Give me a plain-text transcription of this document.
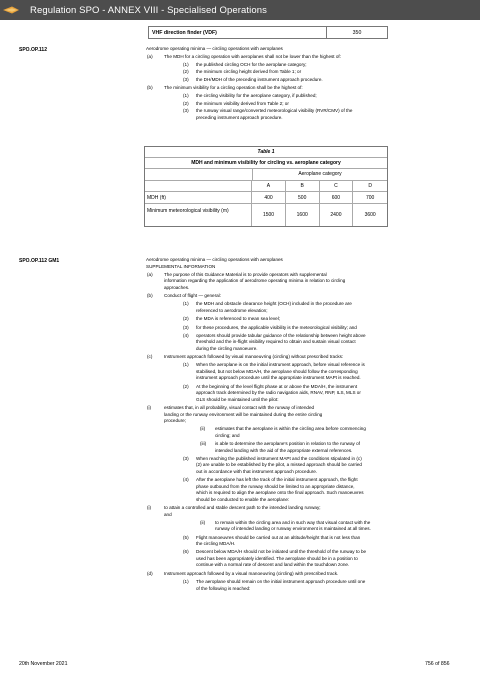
Regulation SPO - ANNEX VIII - Specialised Operations
VHF direction finder (VDF)	350
SPO.OP.112	Aerodrome operating minima — circling operations with aeroplanes
(a) The MDH for a circling operation with aeroplanes shall not be lower than the highest of:
(1) the published circling OCH for the aeroplane category;
(2) the minimum circling height derived from Table 1; or
(3) the DH/MDH of the preceding instrument approach procedure.
(b) The minimum visibility for a circling operation shall be the highest of:
(1) the circling visibility for the aeroplane category, if published;
(2) the minimum visibility derived from Table 2; or
(3) the runway visual range/converted meteorological visibility (RVR/CMV) of the
preceding instrument approach procedure.
Table 1
MDH and minimum visibility for circling vs. aeroplane category
Aeroplane category
A	B	C	D
MDH (ft)	400	500	600	700
Minimum meteorological visibility (m)
1500	1600	2400	3600
SPO.OP.112 GM1	Aerodrome operating minima — circling operations with aeroplanes
SUPPLEMENTAL INFORMATION
(a) The purpose of this Guidance Material is to provide operators with supplemental
information regarding the application of aerodrome operating minima in relation to circling
approaches.
(b) Conduct of flight — general:
(1) the MDH and obstacle clearance height (OCH) included in the procedure are
referenced to aerodrome elevation;
(2) the MDA is referenced to mean sea level;
(3) for these procedures, the applicable visibility is the meteorological visibility; and
(4) operators should provide tabular guidance of the relationship between height above
threshold and the in-flight visibility required to obtain and sustain visual contact
during the circling manoeuvre.
(c)	Instrument approach followed by visual manoeuvring (circling) without prescribed tracks:
(1) When the aeroplane is on the initial instrument approach, before visual reference is
stabilised, but not below MDA/H, the aeroplane should follow the corresponding
instrument approach procedure until the appropriate instrument MAPt is reached.
(2) At the beginning of the level flight phase at or above the MDA/H, the instrument
approach track determined by the radio navigation aids, RNAV, RNP, ILS, MLS or
GLS should be maintained until the pilot:
(i)	estimates that, in all probability, visual contact with the runway of intended
landing or the runway environment will be maintained during the entire circling
procedure;
(ii) estimates that the aeroplane is within the circling area before commencing
circling; and
(iii) is able to determine the aeroplane's position in relation to the runway of
intended landing with the aid of the appropriate external references.
(3) When reaching the published instrument MAPt and the conditions stipulated in (c)
(2) are unable to be established by the pilot, a missed approach should be carried
out in accordance with that instrument approach procedure.
(4) After the aeroplane has left the track of the initial instrument approach, the flight
phase outbound from the runway should be limited to an appropriate distance,
which is required to align the aeroplane onto the final approach. Such manoeuvres
should be conducted to enable the aeroplane:
(i)	to attain a controlled and stable descent path to the intended landing runway;
and
(ii) to remain within the circling area and in such way that visual contact with the
runway of intended landing or runway environment is maintained at all times.
(5) Flight manoeuvres should be carried out at an altitude/height that is not less than
the circling MDA/H.
(6) Descent below MDA/H should not be initiated until the threshold of the runway to be
used has been appropriately identified. The aeroplane should be in a position to
continue with a normal rate of descent and land within the touchdown zone.
(d) Instrument approach followed by a visual manoeuvring (circling) with prescribed track.
(1) The aeroplane should remain on the initial instrument approach procedure until one
of the following is reached:
20th November 2021	756 of 856
